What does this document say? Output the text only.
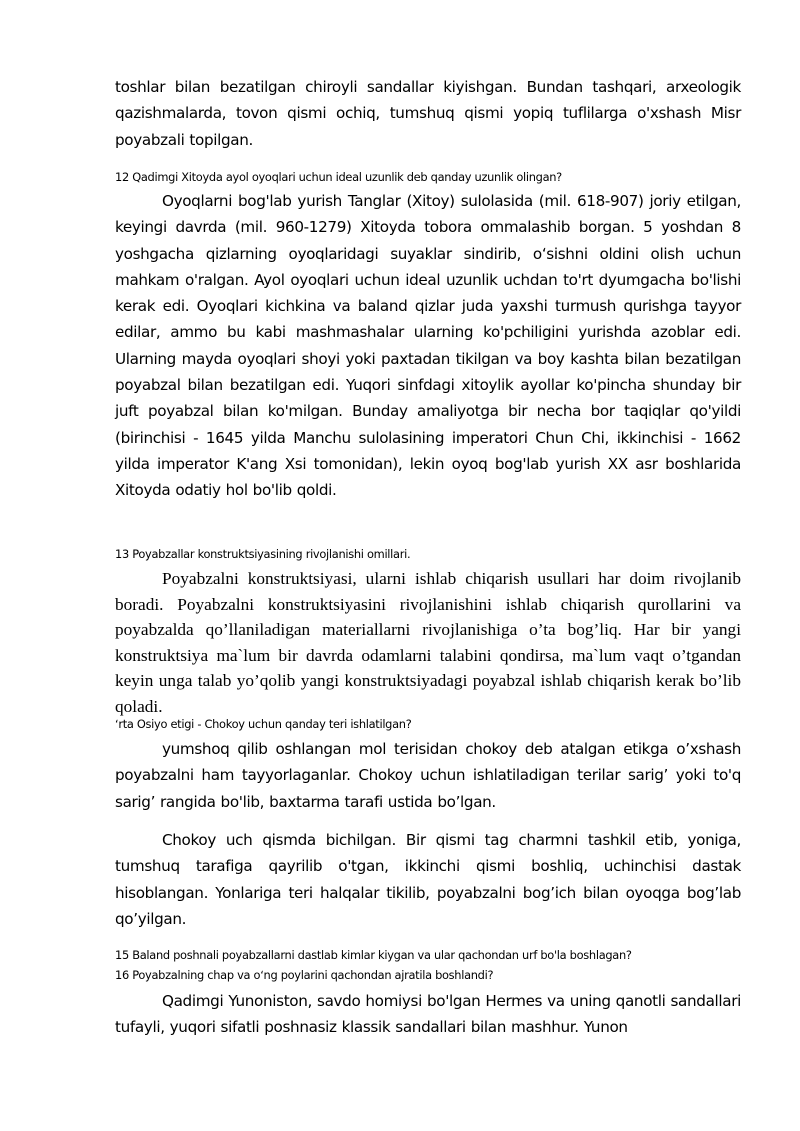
toshlar bilan bezatilgan chiroyli sandallar kiyishgan. Bundan tashqari, arxeologik qazishmalarda, tovon qismi ochiq, tumshuq qismi yopiq tuflilarga o'xshash Misr poyabzali topilgan.
12 Qadimgi Xitoyda ayol oyoqlari uchun ideal uzunlik deb qanday uzunlik olingan?
Oyoqlarni bog'lab yurish Tanglar (Xitoy) sulolasida (mil. 618-907) joriy etilgan, keyingi davrda (mil. 960-1279) Xitoyda tobora ommalashib borgan. 5 yoshdan 8 yoshgacha qizlarning oyoqlaridagi suyaklar sindirib, oʻsishni oldini olish uchun mahkam o'ralgan. Ayol oyoqlari uchun ideal uzunlik uchdan to'rt dyumgacha bo'lishi kerak edi. Oyoqlari kichkina va baland qizlar juda yaxshi turmush qurishga tayyor edilar, ammo bu kabi mashmashalar ularning ko'pchiligini yurishda azoblar edi. Ularning mayda oyoqlari shoyi yoki paxtadan tikilgan va boy kashta bilan bezatilgan poyabzal bilan bezatilgan edi. Yuqori sinfdagi xitoylik ayollar ko'pincha shunday bir juft poyabzal bilan ko'milgan. Bunday amaliyotga bir necha bor taqiqlar qo'yildi (birinchisi - 1645 yilda Manchu sulolasining imperatori Chun Chi, ikkinchisi - 1662 yilda imperator K'ang Xsi tomonidan), lekin oyoq bog'lab yurish XX asr boshlarida Xitoyda odatiy hol bo'lib qoldi.
13 Poyabzallar konstruktsiyasining rivojlanishi omillari.
Poyabzalni konstruktsiyasi, ularni ishlab chiqarish usullari har doim rivojlanib boradi. Poyabzalni konstruktsiyasini rivojlanishini ishlab chiqarish qurollarini va poyabzalda qo’llaniladigan materiallarni rivojlanishiga o’ta bog’liq. Har bir yangi konstruktsiya ma`lum bir davrda odamlarni talabini qondirsa, ma`lum vaqt o’tgandan keyin unga talab yo’qolib yangi konstruktsiyadagi poyabzal ishlab chiqarish kerak bo’lib qoladi.
ʻrta Osiyo etigi - Chokoy uchun qanday teri ishlatilgan?
yumshoq qilib oshlangan mol terisidan chokoy deb atalgan etikga o’xshash poyabzalni ham tayyorlaganlar. Chokoy uchun ishlatiladigan terilar sarig’ yoki to'q sarig’ rangida bo'lib, baxtarma tarafi ustida bo’lgan.
Chokoy uch qismda bichilgan. Bir qismi tag charmni tashkil etib, yoniga, tumshuq tarafiga qayrilib o'tgan, ikkinchi qismi boshliq, uchinchisi dastak hisoblangan. Yonlariga teri halqalar tikilib, poyabzalni bog’ich bilan oyoqga bog’lab qo’yilgan.
15 Baland poshnali poyabzallarni dastlab kimlar kiygan va ular qachondan urf bo'la boshlagan?
16 Poyabzalning chap va oʻng poylarini qachondan ajratila boshlandi?
Qadimgi Yunoniston, savdo homiysi bo'lgan Hermes va uning qanotli sandallari tufayli, yuqori sifatli poshnasiz klassik sandallari bilan mashhur. Yunon
